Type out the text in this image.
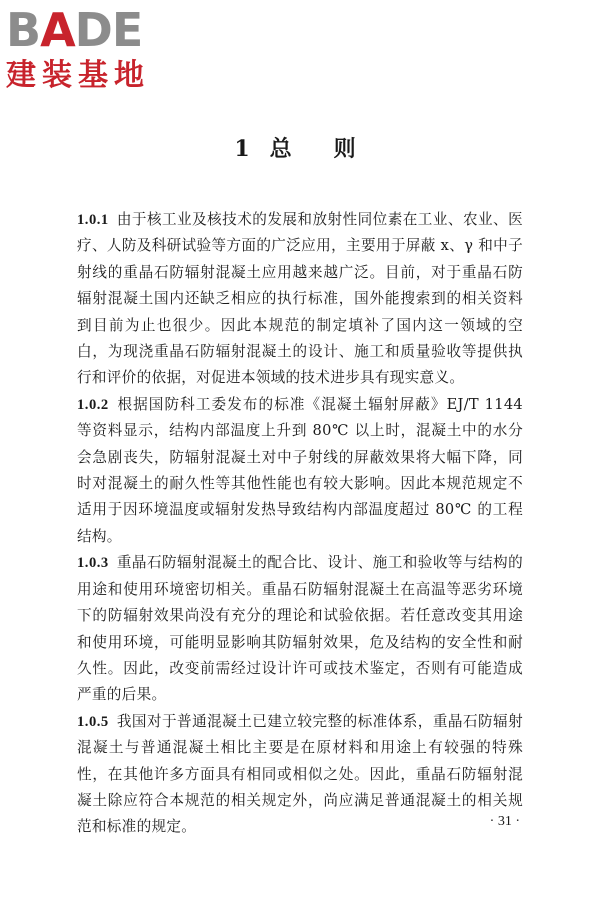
BADE
建装基地
1 总　则

1.0.1 由于核工业及核技术的发展和放射性同位素在工业、农业、医疗、人防及科研试验等方面的广泛应用，主要用于屏蔽 x、γ 和中子射线的重晶石防辐射混凝土应用越来越广泛。目前，对于重晶石防辐射混凝土国内还缺乏相应的执行标准，国外能搜索到的相关资料到目前为止也很少。因此本规范的制定填补了国内这一领域的空白，为现浇重晶石防辐射混凝土的设计、施工和质量验收等提供执行和评价的依据，对促进本领域的技术进步具有现实意义。

1.0.2 根据国防科工委发布的标准《混凝土辐射屏蔽》EJ/T 1144 等资料显示，结构内部温度上升到 80℃ 以上时，混凝土中的水分会急剧丧失，防辐射混凝土对中子射线的屏蔽效果将大幅下降，同时对混凝土的耐久性等其他性能也有较大影响。因此本规范规定不适用于因环境温度或辐射发热导致结构内部温度超过 80℃ 的工程结构。

1.0.3 重晶石防辐射混凝土的配合比、设计、施工和验收等与结构的用途和使用环境密切相关。重晶石防辐射混凝土在高温等恶劣环境下的防辐射效果尚没有充分的理论和试验依据。若任意改变其用途和使用环境，可能明显影响其防辐射效果，危及结构的安全性和耐久性。因此，改变前需经过设计许可或技术鉴定，否则有可能造成严重的后果。

1.0.5 我国对于普通混凝土已建立较完整的标准体系，重晶石防辐射混凝土与普通混凝土相比主要是在原材料和用途上有较强的特殊性，在其他许多方面具有相同或相似之处。因此，重晶石防辐射混凝土除应符合本规范的相关规定外，尚应满足普通混凝土的相关规范和标准的规定。	· 31 ·
